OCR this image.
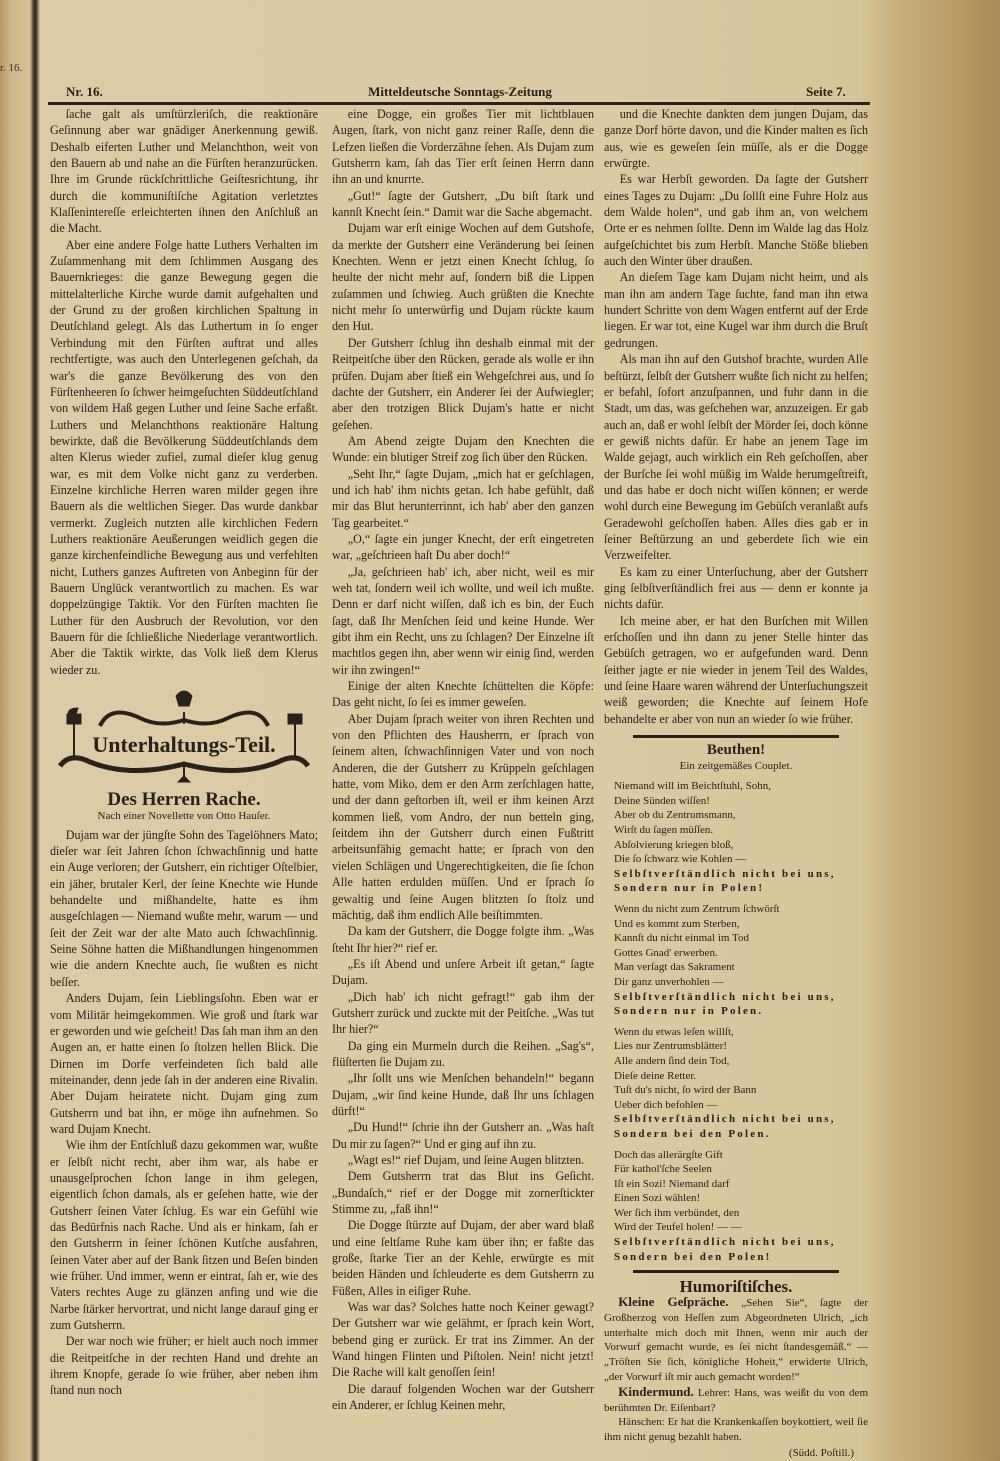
r. 16.
Nr. 16.	Mitteldeutsche Sonntags-Zeitung	Seite 7.

ſache galt als umſtürzleriſch, die reaktionäre Geſinnung aber war gnädiger Anerkennung gewiß. Deshalb eiferten Luther und Melanchthon, weit von den Bauern ab und nahe an die Fürſten heranzurücken. Ihre im Grunde rückſchrittliche Geiſtesrichtung, ihr durch die kommuniſtiſche Agitation verletztes Klaſſenintereſſe erleichterten ihnen den Anſchluß an die Macht.

Aber eine andere Folge hatte Luthers Verhalten im Zuſammenhang mit dem ſchlimmen Ausgang des Bauernkrieges: die ganze Bewegung gegen die mittelalterliche Kirche wurde damit aufgehalten und der Grund zu der großen kirchlichen Spaltung in Deutſchland gelegt. Als das Luthertum in ſo enger Verbindung mit den Fürſten auftrat und alles rechtfertigte, was auch den Unterlegenen geſchah, da war's die ganze Bevölkerung des von den Fürſtenheeren ſo ſchwer heimgeſuchten Süddeutſchland von wildem Haß gegen Luther und ſeine Sache erfaßt. Luthers und Melanchthons reaktionäre Haltung bewirkte, daß die Bevölkerung Süddeutſchlands dem alten Klerus wieder zufiel, zumal dieſer klug genug war, es mit dem Volke nicht ganz zu verderben. Einzelne kirchliche Herren waren milder gegen ihre Bauern als die weltlichen Sieger. Das wurde dankbar vermerkt. Zugleich nutzten alle kirchlichen Federn Luthers reaktionäre Aeußerungen weidlich gegen die ganze kirchenfeindliche Bewegung aus und verfehlten nicht, Luthers ganzes Auftreten von Anbeginn für der Bauern Unglück verantwortlich zu machen. Es war doppelzüngige Taktik. Vor den Fürſten machten ſie Luther für den Ausbruch der Revolution, vor den Bauern für die ſchließliche Niederlage verantwortlich. Aber die Taktik wirkte, das Volk ließ dem Klerus wieder zu.

Unterhaltungs-Teil.
Des Herren Rache.
Nach einer Novellette von Otto Hauſer.

Dujam war der jüngſte Sohn des Tagelöhners Mato; dieſer war ſeit Jahren ſchon ſchwachſinnig und hatte ein Auge verloren; der Gutsherr, ein richtiger Oſtelbier, ein jäher, brutaler Kerl, der ſeine Knechte wie Hunde behandelte und mißhandelte, hatte es ihm ausgeſchlagen — Niemand wußte mehr, warum — und ſeit der Zeit war der alte Mato auch ſchwachſinnig. Seine Söhne hatten die Mißhandlungen hingenommen wie die andern Knechte auch, ſie wußten es nicht beſſer.

Anders Dujam, ſein Lieblingsſohn. Eben war er vom Militär heimgekommen. Wie groß und ſtark war er geworden und wie geſcheit! Das ſah man ihm an den Augen an, er hatte einen ſo ſtolzen hellen Blick. Die Dirnen im Dorfe verfeindeten ſich bald alle miteinander, denn jede ſah in der anderen eine Rivalin. Aber Dujam heiratete nicht. Dujam ging zum Gutsherrn und bat ihn, er möge ihn aufnehmen. So ward Dujam Knecht.

Wie ihm der Entſchluß dazu gekommen war, wußte er ſelbſt nicht recht, aber ihm war, als habe er unausgeſprochen ſchon lange in ihm gelegen, eigentlich ſchon damals, als er geſehen hatte, wie der Gutsherr ſeinen Vater ſchlug. Es war ein Gefühl wie das Bedürfnis nach Rache. Und als er hinkam, ſah er den Gutsherrn in ſeiner ſchönen Kutſche ausfahren, ſeinen Vater aber auf der Bank ſitzen und Beſen binden wie früher. Und immer, wenn er eintrat, ſah er, wie des Vaters rechtes Auge zu glänzen anfing und wie die Narbe ſtärker hervortrat, und nicht lange darauf ging er zum Gutsherrn.

Der war noch wie früher; er hielt auch noch immer die Reitpeitſche in der rechten Hand und drehte an ihrem Knopfe, gerade ſo wie früher, aber neben ihm ſtand nun noch

eine Dogge, ein großes Tier mit lichtblauen Augen, ſtark, von nicht ganz reiner Raſſe, denn die Lefzen ließen die Vorderzähne ſehen. Als Dujam zum Gutsherrn kam, ſah das Tier erſt ſeinen Herrn dann ihn an und knurrte.

„Gut!“ ſagte der Gutsherr, „Du biſt ſtark und kannſt Knecht ſein.“ Damit war die Sache abgemacht.

Dujam war erſt einige Wochen auf dem Gutshofe, da merkte der Gutsherr eine Veränderung bei ſeinen Knechten. Wenn er jetzt einen Knecht ſchlug, ſo heulte der nicht mehr auf, ſondern biß die Lippen zuſammen und ſchwieg. Auch grüßten die Knechte nicht mehr ſo unterwürfig und Dujam rückte kaum den Hut.

Der Gutsherr ſchlug ihn deshalb einmal mit der Reitpeitſche über den Rücken, gerade als wolle er ihn prüfen. Dujam aber ſtieß ein Wehgeſchrei aus, und ſo dachte der Gutsherr, ein Anderer ſei der Aufwiegler; aber den trotzigen Blick Dujam's hatte er nicht geſehen.

Am Abend zeigte Dujam den Knechten die Wunde: ein blutiger Streif zog ſich über den Rücken.

„Seht Ihr,“ ſagte Dujam, „mich hat er geſchlagen, und ich hab' ihm nichts getan. Ich habe gefühlt, daß mir das Blut herunterrinnt, ich hab' aber den ganzen Tag gearbeitet.“

„O,“ ſagte ein junger Knecht, der erſt eingetreten war, „geſchrieen haſt Du aber doch!“

„Ja, geſchrieen hab' ich, aber nicht, weil es mir weh tat, ſondern weil ich wollte, und weil ich mußte. Denn er darf nicht wiſſen, daß ich es bin, der Euch ſagt, daß Ihr Menſchen ſeid und keine Hunde. Wer gibt ihm ein Recht, uns zu ſchlagen? Der Einzelne iſt machtlos gegen ihn, aber wenn wir einig ſind, werden wir ihn zwingen!“

Einige der alten Knechte ſchüttelten die Köpfe: Das geht nicht, ſo ſei es immer geweſen.

Aber Dujam ſprach weiter von ihren Rechten und von den Pflichten des Hausherrn, er ſprach von ſeinem alten, ſchwachſinnigen Vater und von noch Anderen, die der Gutsherr zu Krüppeln geſchlagen hatte, vom Miko, dem er den Arm zerſchlagen hatte, und der dann geſtorben iſt, weil er ihm keinen Arzt kommen ließ, vom Andro, der nun betteln ging, ſeitdem ihn der Gutsherr durch einen Fußtritt arbeitsunfähig gemacht hatte; er ſprach von den vielen Schlägen und Ungerechtigkeiten, die ſie ſchon Alle hatten erdulden müſſen. Und er ſprach ſo gewaltig und ſeine Augen blitzten ſo ſtolz und mächtig, daß ihm endlich Alle beiſtimmten.

Da kam der Gutsherr, die Dogge folgte ihm. „Was ſteht Ihr hier?“ rief er.

„Es iſt Abend und unſere Arbeit iſt getan,“ ſagte Dujam.

„Dich hab' ich nicht gefragt!“ gab ihm der Gutsherr zurück und zuckte mit der Peitſche. „Was tut Ihr hier?“

Da ging ein Murmeln durch die Reihen. „Sag's“, flüſterten ſie Dujam zu.

„Ihr ſollt uns wie Menſchen behandeln!“ begann Dujam, „wir ſind keine Hunde, daß Ihr uns ſchlagen dürft!“

„Du Hund!“ ſchrie ihn der Gutsherr an. „Was haſt Du mir zu ſagen?“ Und er ging auf ihn zu.

„Wagt es!“ rief Dujam, und ſeine Augen blitzten.

Dem Gutsherrn trat das Blut ins Geſicht. „Bundaſch,“ rief er der Dogge mit zornerſtickter Stimme zu, „faß ihn!“

Die Dogge ſtürzte auf Dujam, der aber ward blaß und eine ſeltſame Ruhe kam über ihn; er faßte das große, ſtarke Tier an der Kehle, erwürgte es mit beiden Händen und ſchleuderte es dem Gutsherrn zu Füßen, Alles in eiſiger Ruhe.

Was war das? Solches hatte noch Keiner gewagt? Der Gutsherr war wie gelähmt, er ſprach kein Wort, bebend ging er zurück. Er trat ins Zimmer. An der Wand hingen Flinten und Piſtolen. Nein! nicht jetzt! Die Rache will kalt genoſſen ſein!

Die darauf folgenden Wochen war der Gutsherr ein Anderer, er ſchlug Keinen mehr,

und die Knechte dankten dem jungen Dujam, das ganze Dorf hörte davon, und die Kinder malten es ſich aus, wie es geweſen ſein müſſe, als er die Dogge erwürgte.

Es war Herbſt geworden. Da ſagte der Gutsherr eines Tages zu Dujam: „Du ſollſt eine Fuhre Holz aus dem Walde holen“, und gab ihm an, von welchem Orte er es nehmen ſollte. Denn im Walde lag das Holz aufgeſchichtet bis zum Herbſt. Manche Stöße blieben auch den Winter über draußen.

An dieſem Tage kam Dujam nicht heim, und als man ihn am andern Tage ſuchte, fand man ihn etwa hundert Schritte von dem Wagen entfernt auf der Erde liegen. Er war tot, eine Kugel war ihm durch die Bruſt gedrungen.

Als man ihn auf den Gutshof brachte, wurden Alle beſtürzt, ſelbſt der Gutsherr wußte ſich nicht zu helfen; er befahl, ſofort anzuſpannen, und fuhr dann in die Stadt, um das, was geſchehen war, anzuzeigen. Er gab auch an, daß er wohl ſelbſt der Mörder ſei, doch könne er gewiß nichts dafür. Er habe an jenem Tage im Walde gejagt, auch wirklich ein Reh geſchoſſen, aber der Burſche ſei wohl müßig im Walde herumgeſtreift, und das habe er doch nicht wiſſen können; er werde wohl durch eine Bewegung im Gebüſch veranlaßt aufs Geradewohl geſchoſſen haben. Alles dies gab er in ſeiner Beſtürzung an und geberdete ſich wie ein Verzweifelter.

Es kam zu einer Unterſuchung, aber der Gutsherr ging ſelbſtverſtändlich frei aus — denn er konnte ja nichts dafür.

Ich meine aber, er hat den Burſchen mit Willen erſchoſſen und ihn dann zu jener Stelle hinter das Gebüſch getragen, wo er aufgefunden ward. Denn ſeither jagte er nie wieder in jenem Teil des Waldes, und ſeine Haare waren während der Unterſuchungszeit weiß geworden; die Knechte auf ſeinem Hofe behandelte er aber von nun an wieder ſo wie früher.

Beuthen!
Ein zeitgemäßes Couplet.
Niemand will im Beichtſtuhl, Sohn,
Deine Sünden wiſſen!
Aber ob du Zentrumsmann,
Wirſt du ſagen müſſen.
Abſolvierung kriegen bloß,
Die ſo ſchwarz wie Kohlen —
Selbſtverſtändlich nicht bei uns,
Sondern nur in Polen!
Wenn du nicht zum Zentrum ſchwörſt
Und es kommt zum Sterben,
Kannſt du nicht einmal im Tod
Gottes Gnad' erwerben.
Man verſagt das Sakrament
Dir ganz unverhohlen —
Selbſtverſtändlich nicht bei uns,
Sondern nur in Polen.
Wenn du etwas leſen willſt,
Lies nur Zentrumsblätter!
Alle andern ſind dein Tod,
Dieſe deine Retter.
Tuſt du's nicht, ſo wird der Bann
Ueber dich befohlen —
Selbſtverſtändlich nicht bei uns,
Sondern bei den Polen.
Doch das allerärgſte Gift
Für kathol'ſche Seelen
Iſt ein Sozi! Niemand darf
Einen Sozi wählen!
Wer ſich ihm verbündet, den
Wird der Teufel holen! — —
Selbſtverſtändlich nicht bei uns,
Sondern bei den Polen!
Humoriſtiſches.

Kleine Geſpräche. „Sehen Sie“, ſagte der Großherzog von Heſſen zum Abgeordneten Ulrich, „ich unterhalte mich doch mit Ihnen, wenn mir auch der Vorwurf gemacht wurde, es ſei nicht ſtandesgemäß.“ — „Tröſten Sie ſich, königliche Hoheit,“ erwiderte Ulrich, „der Vorwurf iſt mir auch gemacht worden!“

Kindermund. Lehrer: Hans, was weißt du von dem berühmten Dr. Eiſenbart?

Hänschen: Er hat die Krankenkaſſen boykottiert, weil ſie ihm nicht genug bezahlt haben.

(Südd. Poſtill.)
